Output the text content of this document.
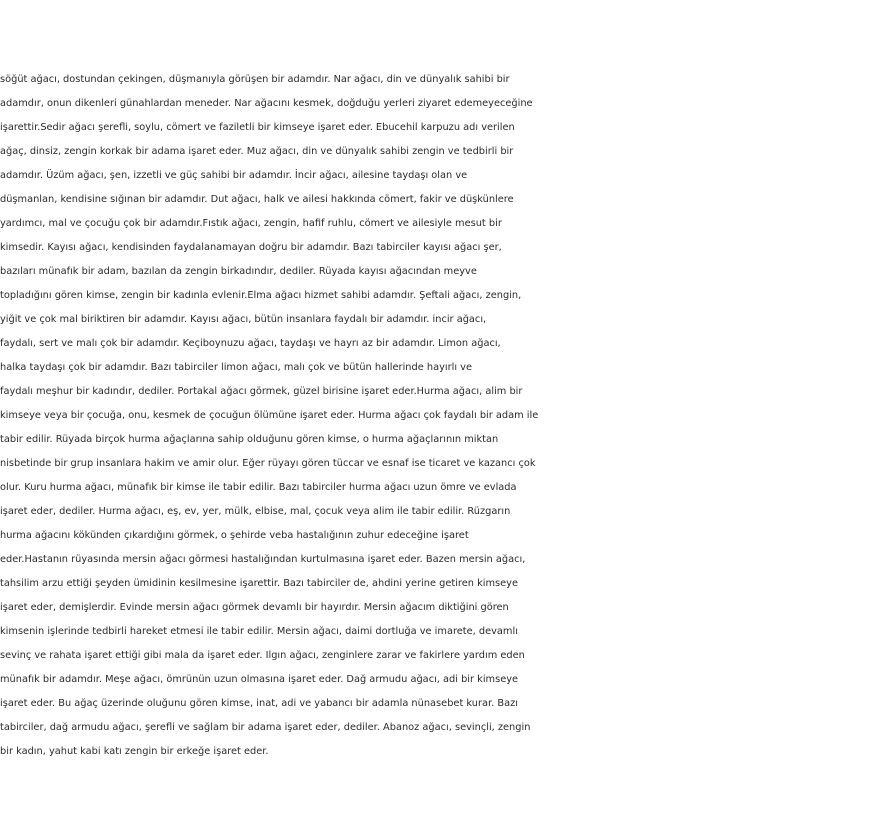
söğüt ağacı, dostundan çekingen, düşmanıyla görüşen bir adamdır. Nar ağacı, din ve dünyalık sahibi bir
adamdır, onun dikenleri günahlardan meneder. Nar ağacını kesmek, doğduğu yerleri ziyaret edemeyeceğine
işarettir.Sedir ağacı şerefli, soylu, cömert ve faziletli bir kimseye işaret eder. Ebucehil karpuzu adı verilen
ağaç, dinsiz, zengin korkak bir adama işaret eder. Muz ağacı, din ve dünyalık sahibi zengin ve tedbirli bir
adamdır. Üzüm ağacı, şen, izzetli ve güç sahibi bir adamdır. İncir ağacı, ailesine taydaşı olan ve
düşmanlan, kendisine sığınan bir adamdır. Dut ağacı, halk ve ailesi hakkında cömert, fakir ve düşkünlere
yardımcı, mal ve çocuğu çok bir adamdır.Fıstık ağacı, zengin, hafif ruhlu, cömert ve ailesiyle mesut bir
kimsedir. Kayısı ağacı, kendisinden faydalanamayan doğru bir adamdır. Bazı tabirciler kayısı ağacı şer,
bazıları münafık bir adam, bazılan da zengin birkadındır, dediler. Rüyada kayısı ağacından meyve
topladığını gören kimse, zengin bir kadınla evlenir.Elma ağacı hizmet sahibi adamdır. Şeftali ağacı, zengin,
yiğit ve çok mal biriktiren bir adamdır. Kayısı ağacı, bütün insanlara faydalı bir adamdır. incir ağacı,
faydalı, sert ve malı çok bir adamdır. Keçiboynuzu ağacı, taydaşı ve hayrı az bir adamdır. Limon ağacı,
halka taydaşı çok bir adamdır. Bazı tabirciler limon ağacı, malı çok ve bütün hallerinde hayırlı ve
faydalı meşhur bir kadındır, dediler. Portakal ağacı görmek, güzel birisine işaret eder.Hurma ağacı, alim bir
kimseye veya bir çocuğa, onu, kesmek de çocuğun ölümüne işaret eder. Hurma ağacı çok faydalı bir adam ile
tabir edilir. Rüyada birçok hurma ağaçlarına sahip olduğunu gören kimse, o hurma ağaçlarının miktan
nisbetinde bir grup insanlara hakim ve amir olur. Eğer rüyayı gören tüccar ve esnaf ise ticaret ve kazancı çok
olur. Kuru hurma ağacı, münafık bir kimse ile tabir edilir. Bazı tabirciler hurma ağacı uzun ömre ve evlada
işaret eder, dediler. Hurma ağacı, eş, ev, yer, mülk, elbise, mal, çocuk veya alim ile tabir edilir. Rüzgarın
hurma ağacını kökünden çıkardığını görmek, o şehirde veba hastalığının zuhur edeceğine işaret
eder.Hastanın rüyasında mersin ağacı görmesi hastalığından kurtulmasına işaret eder. Bazen mersin ağacı,
tahsilim arzu ettiği şeyden ümidinin kesilmesine işarettir. Bazı tabirciler de, ahdini yerine getiren kimseye
işaret eder, demişlerdir. Evinde mersin ağacı görmek devamlı bir hayırdır. Mersin ağacım diktiğini gören
kimsenin işlerinde tedbirli hareket etmesi ile tabir edilir. Mersin ağacı, daimi dortluğa ve imarete, devamlı
sevinç ve rahata işaret ettiği gibi mala da işaret eder. Ilgın ağacı, zenginlere zarar ve fakirlere yardım eden
münafık bir adamdır. Meşe ağacı, ömrünün uzun olmasına işaret eder. Dağ armudu ağacı, adi bir kimseye
işaret eder. Bu ağaç üzerinde oluğunu gören kimse, inat, adi ve yabancı bir adamla nünasebet kurar. Bazı
tabirciler, dağ armudu ağacı, şerefli ve sağlam bir adama işaret eder, dediler. Abanoz ağacı, sevinçli, zengin
bir kadın, yahut kabi katı zengin bir erkeğe işaret eder.
